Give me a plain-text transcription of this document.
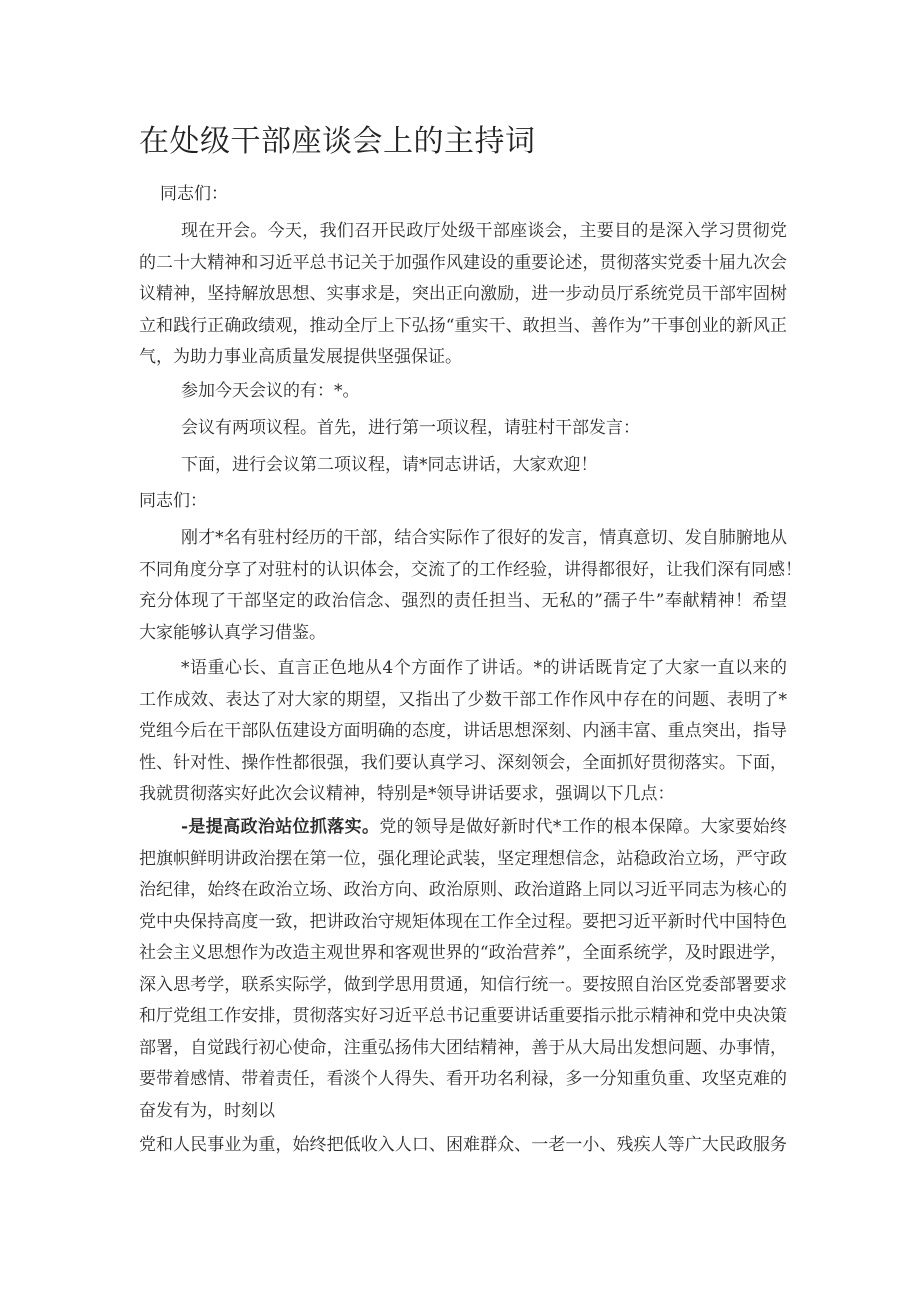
在处级干部座谈会上的主持词
同志们：
现在开会。今天，我们召开民政厅处级干部座谈会，主要目的是深入学习贯彻党
的二十大精神和习近平总书记关于加强作风建设的重要论述，贯彻落实党委十届九次会
议精神，坚持解放思想、实事求是，突出正向激励，进一步动员厅系统党员干部牢固树
立和践行正确政绩观，推动全厅上下弘扬“重实干、敢担当、善作为”干事创业的新风正
气，为助力事业高质量发展提供坚强保证。
参加今天会议的有：*。
会议有两项议程。首先，进行第一项议程，请驻村干部发言：
下面，进行会议第二项议程，请*同志讲话，大家欢迎！
同志们：
刚才*名有驻村经历的干部，结合实际作了很好的发言，情真意切、发自肺腑地从
不同角度分享了对驻村的认识体会，交流了的工作经验，讲得都很好，让我们深有同感！
充分体现了干部坚定的政治信念、强烈的责任担当、无私的”孺子牛”奉献精神！希望
大家能够认真学习借鉴。
*语重心长、直言正色地从4个方面作了讲话。*的讲话既肯定了大家一直以来的
工作成效、表达了对大家的期望，又指出了少数干部工作作风中存在的问题、表明了*
党组今后在干部队伍建设方面明确的态度，讲话思想深刻、内涵丰富、重点突出，指导
性、针对性、操作性都很强，我们要认真学习、深刻领会，全面抓好贯彻落实。下面，
我就贯彻落实好此次会议精神，特别是*领导讲话要求，强调以下几点：
-是提高政治站位抓落实。党的领导是做好新时代*工作的根本保障。大家要始终
把旗帜鲜明讲政治摆在第一位，强化理论武装，坚定理想信念，站稳政治立场，严守政
治纪律，始终在政治立场、政治方向、政治原则、政治道路上同以习近平同志为核心的
党中央保持高度一致，把讲政治守规矩体现在工作全过程。要把习近平新时代中国特色
社会主义思想作为改造主观世界和客观世界的“政治营养”，全面系统学，及时跟进学，
深入思考学，联系实际学，做到学思用贯通，知信行统一。要按照自治区党委部署要求
和厅党组工作安排，贯彻落实好习近平总书记重要讲话重要指示批示精神和党中央决策
部署，自觉践行初心使命，注重弘扬伟大团结精神，善于从大局出发想问题、办事情，
要带着感情、带着责任，看淡个人得失、看开功名利禄，多一分知重负重、攻坚克难的
奋发有为，时刻以
党和人民事业为重，始终把低收入人口、困难群众、一老一小、残疾人等广大民政服务
